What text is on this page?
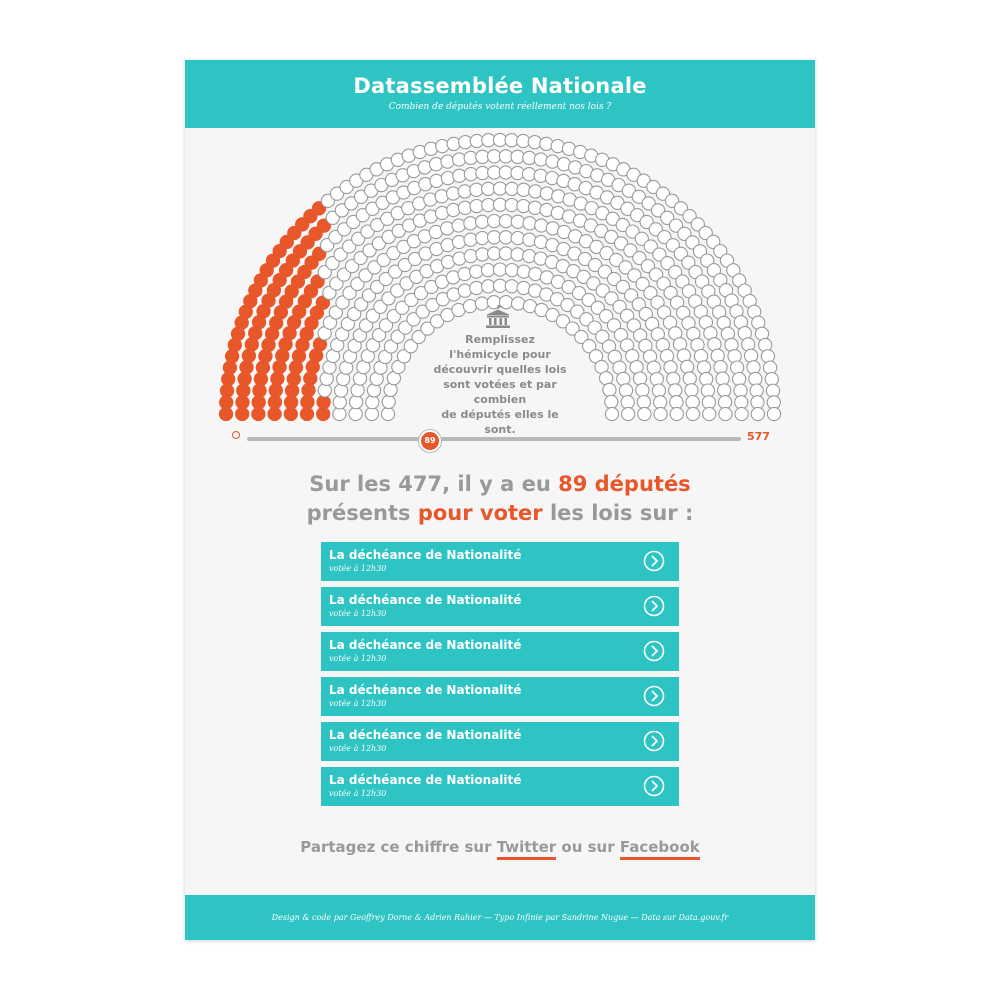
Datassemblée Nationale
Combien de députés votent réellement nos lois ?
Remplissez
l'hémicycle pour
découvrir quelles lois
sont votées et par combien
de députés elles le sont.
89	577
Sur les 477, il y a eu 89 députés
présents pour voter les lois sur :
La déchéance de Nationalité
votée à 12h30
La déchéance de Nationalité
votée à 12h30
La déchéance de Nationalité
votée à 12h30
La déchéance de Nationalité
votée à 12h30
La déchéance de Nationalité
votée à 12h30
La déchéance de Nationalité
votée à 12h30
Partagez ce chiffre sur Twitter ou sur Facebook
Design & code par Geoffrey Dorne & Adrien Rahier — Typo Infinie par Sandrine Nugue — Data sur Data.gouv.fr
